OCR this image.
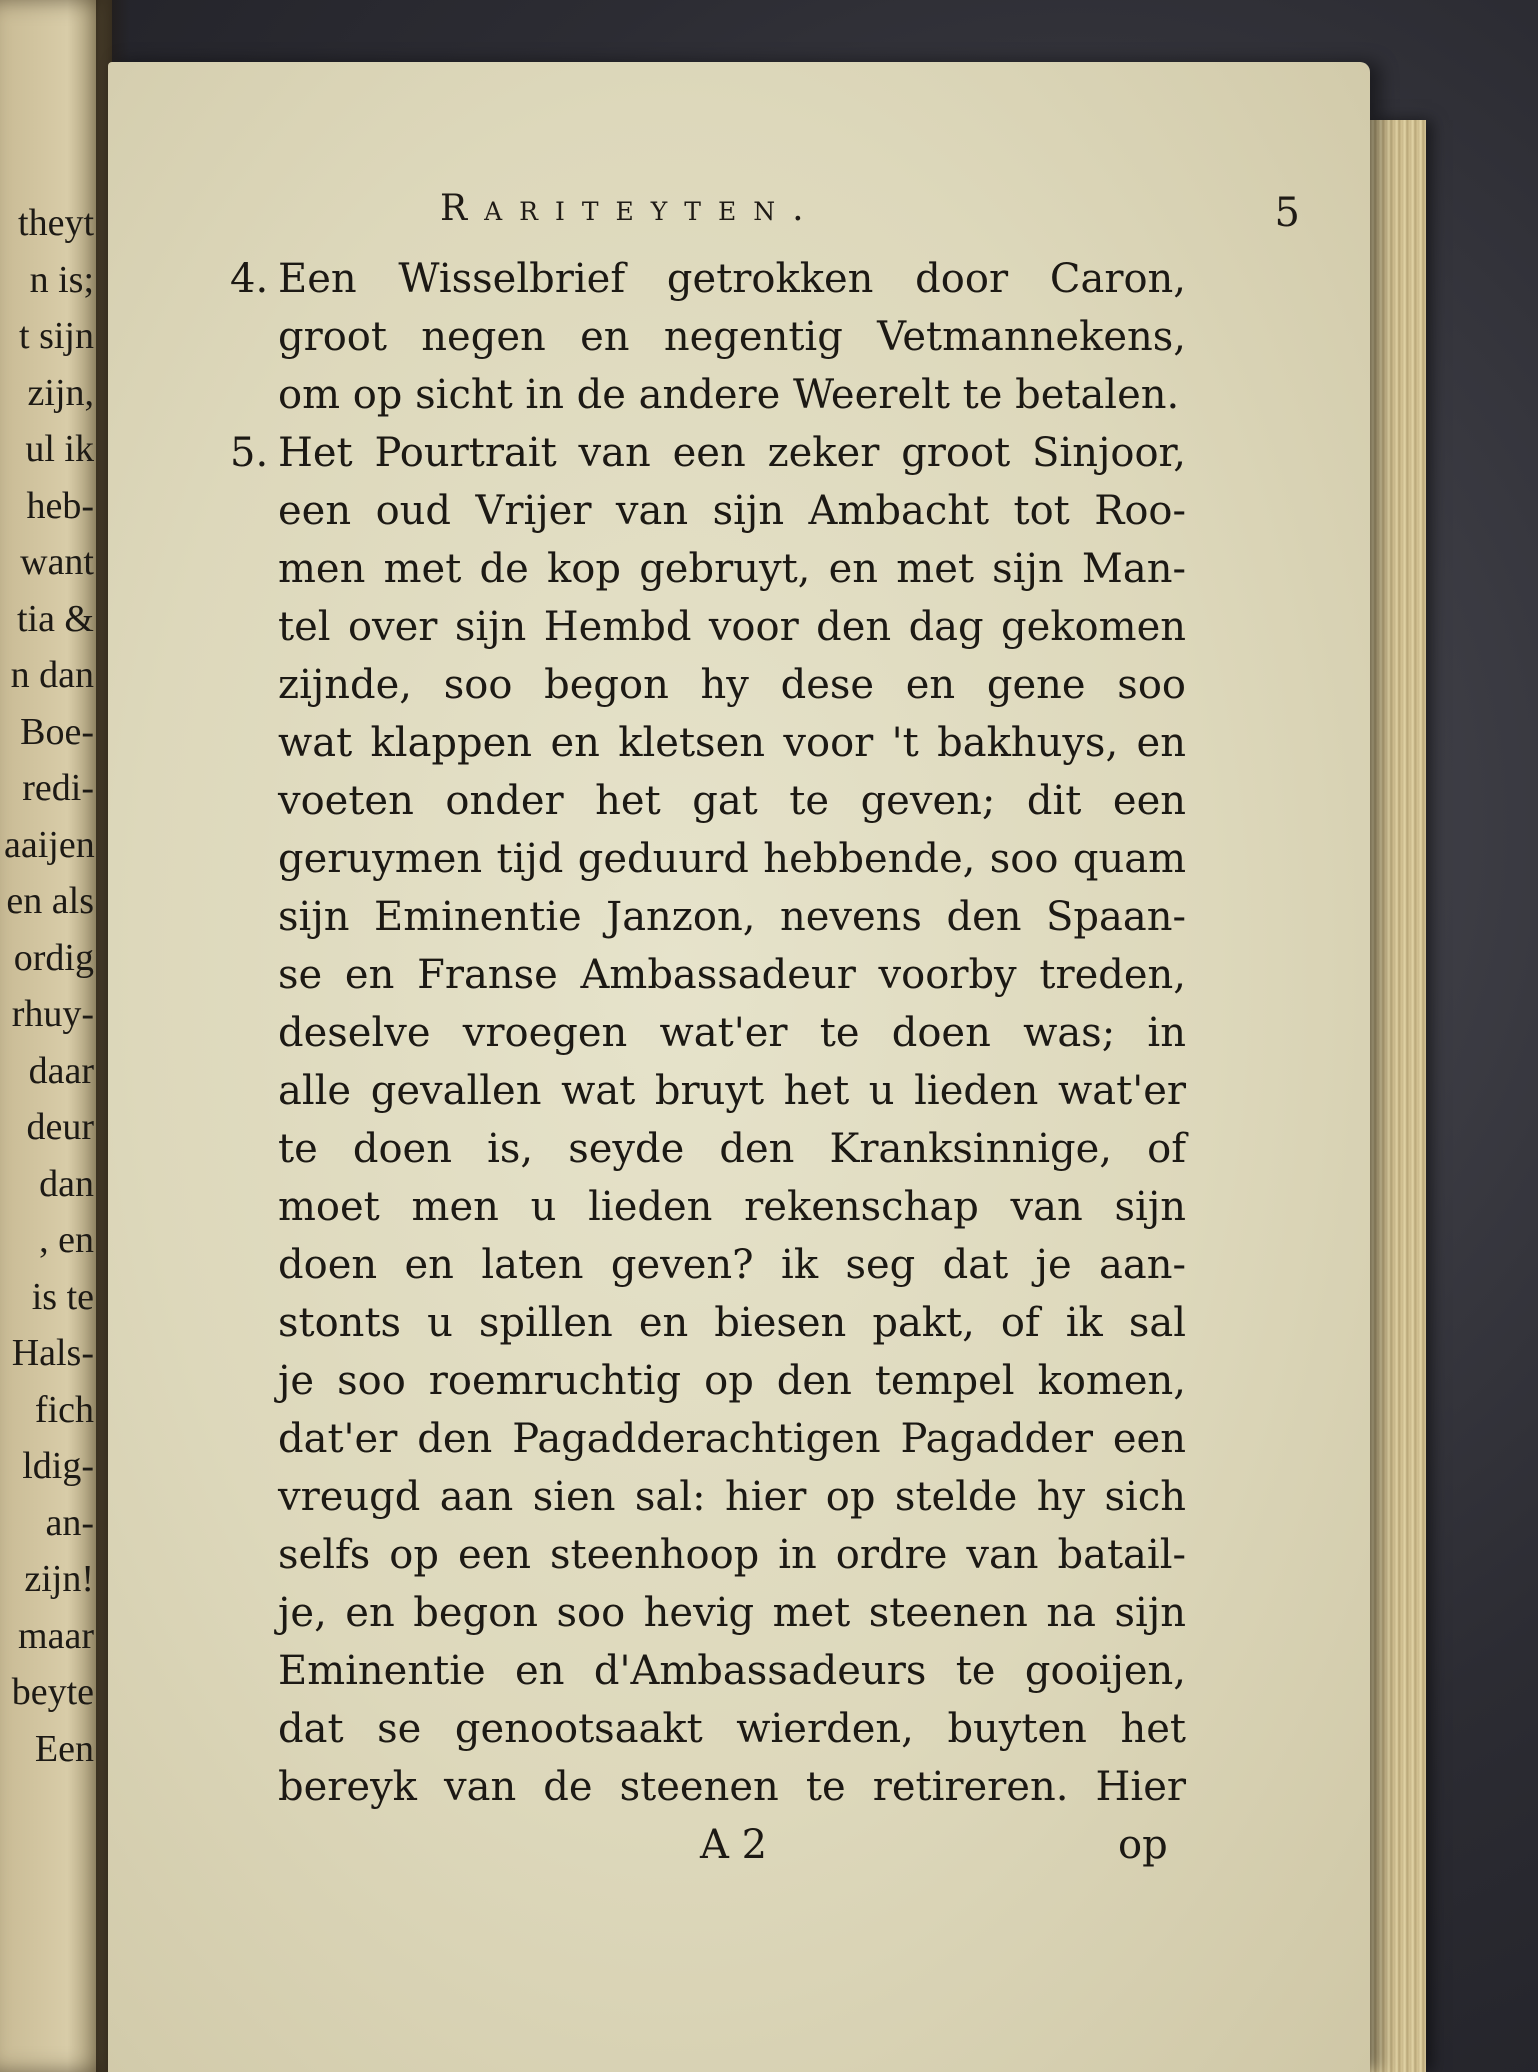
theyt
n is;
t sijn
zijn,
ul ik
heb-
want
tia &
n dan
Boe-
redi-
aaijen
en als
ordig
rhuy-
daar
deur
dan
, en
is te
Hals-
fich
ldig-
an-
zijn!
maar
beyte
Een
Rariteyten.	5
4. Een Wisselbrief getrokken door Caron,
groot negen en negentig Vetmannekens,
om op sicht in de andere Weerelt te betalen.
5. Het Pourtrait van een zeker groot Sinjoor,
een oud Vrijer van sijn Ambacht tot Roo-
men met de kop gebruyt, en met sijn Man-
tel over sijn Hembd voor den dag gekomen
zijnde, soo begon hy dese en gene soo
wat klappen en kletsen voor 't bakhuys, en
voeten onder het gat te geven; dit een
geruymen tijd geduurd hebbende, soo quam
sijn Eminentie Janzon, nevens den Spaan-
se en Franse Ambassadeur voorby treden,
deselve vroegen wat'er te doen was; in
alle gevallen wat bruyt het u lieden wat'er
te doen is, seyde den Kranksinnige, of
moet men u lieden rekenschap van sijn
doen en laten geven? ik seg dat je aan-
stonts u spillen en biesen pakt, of ik sal
je soo roemruchtig op den tempel komen,
dat'er den Pagadderachtigen Pagadder een
vreugd aan sien sal: hier op stelde hy sich
selfs op een steenhoop in ordre van batail-
je, en begon soo hevig met steenen na sijn
Eminentie en d'Ambassadeurs te gooijen,
dat se genootsaakt wierden, buyten het
bereyk van de steenen te retireren. Hier
A 2	op
